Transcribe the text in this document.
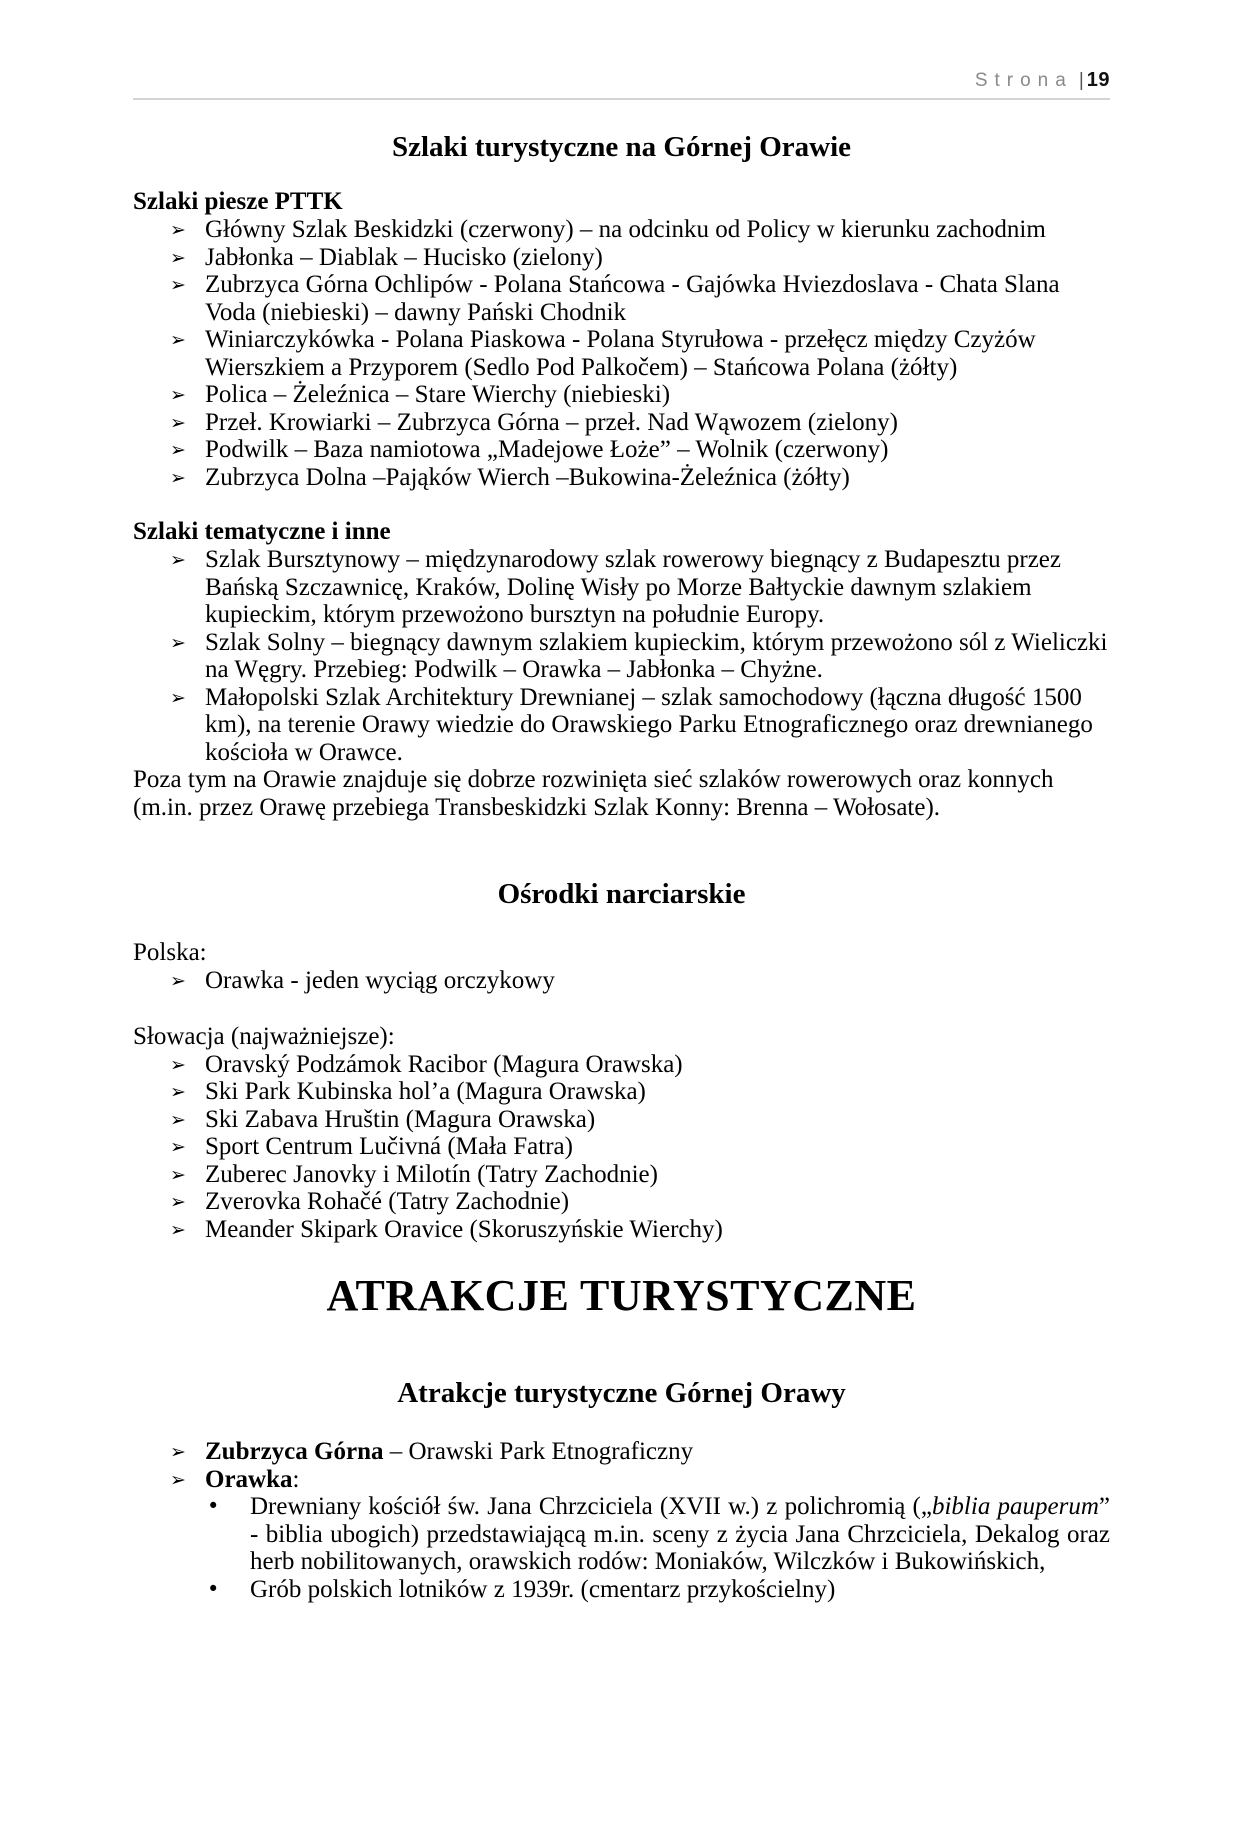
Strona | 19
Szlaki turystyczne na Górnej Orawie
Szlaki piesze PTTK
➢ Główny Szlak Beskidzki (czerwony) – na odcinku od Policy w kierunku zachodnim
➢ Jabłonka – Diablak – Hucisko (zielony)
➢ Zubrzyca Górna Ochlipów - Polana Stańcowa - Gajówka Hviezdoslava - Chata Slana Voda (niebieski) – dawny Pański Chodnik
➢ Winiarczykówka - Polana Piaskowa - Polana Styrułowa - przełęcz między Czyżów Wierszkiem a Przyporem (Sedlo Pod Palkočem) – Stańcowa Polana (żółty)
➢ Polica – Żeleźnica – Stare Wierchy (niebieski)
➢ Przeł. Krowiarki – Zubrzyca Górna – przeł. Nad Wąwozem (zielony)
➢ Podwilk – Baza namiotowa „Madejowe Łoże” – Wolnik (czerwony)
➢ Zubrzyca Dolna –Pająków Wierch –Bukowina-Żeleźnica (żółty)
Szlaki tematyczne i inne
➢ Szlak Bursztynowy – międzynarodowy szlak rowerowy biegnący z Budapesztu przez Bańską Szczawnicę, Kraków, Dolinę Wisły po Morze Bałtyckie dawnym szlakiem kupieckim, którym przewożono bursztyn na południe Europy.
➢ Szlak Solny – biegnący dawnym szlakiem kupieckim, którym przewożono sól z Wieliczki na Węgry. Przebieg: Podwilk – Orawka – Jabłonka – Chyżne.
➢ Małopolski Szlak Architektury Drewnianej – szlak samochodowy (łączna długość 1500 km), na terenie Orawy wiedzie do Orawskiego Parku Etnograficznego oraz drewnianego kościoła w Orawce.

Poza tym na Orawie znajduje się dobrze rozwinięta sieć szlaków rowerowych oraz konnych (m.in. przez Orawę przebiega Transbeskidzki Szlak Konny: Brenna – Wołosate).

Ośrodki narciarskie

Polska:

➢ Orawka - jeden wyciąg orczykowy

Słowacja (najważniejsze):

➢ Oravský Podzámok Racibor (Magura Orawska)
➢ Ski Park Kubinska hol’a (Magura Orawska)
➢ Ski Zabava Hruštin (Magura Orawska)
➢ Sport Centrum Lučivná (Mała Fatra)
➢ Zuberec Janovky i Milotín (Tatry Zachodnie)
➢ Zverovka Rohačé (Tatry Zachodnie)
➢ Meander Skipark Oravice (Skoruszyńskie Wierchy)
ATRAKCJE TURYSTYCZNE
Atrakcje turystyczne Górnej Orawy
➢ Zubrzyca Górna – Orawski Park Etnograficzny
➢ Orawka:
• Drewniany kościół św. Jana Chrzciciela (XVII w.) z polichromią („biblia pauperum” - biblia ubogich) przedstawiającą m.in. sceny z życia Jana Chrzciciela, Dekalog oraz herb nobilitowanych, orawskich rodów: Moniaków, Wilczków i Bukowińskich,
• Grób polskich lotników z 1939r. (cmentarz przykościelny)
